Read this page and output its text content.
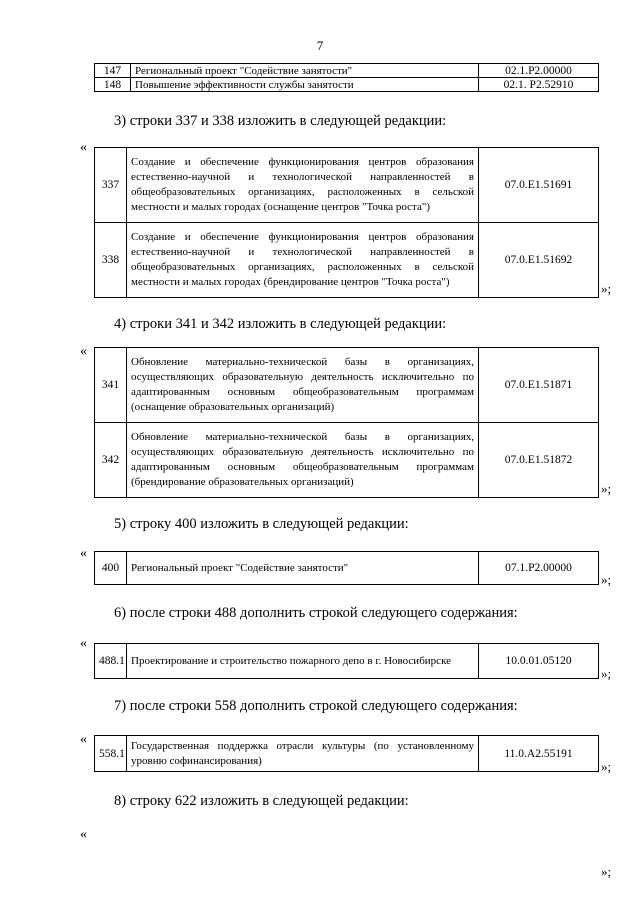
7
147	Региональный проект "Содействие занятости"	02.1.P2.00000
148	Повышение эффективности службы занятости	02.1. P2.52910
3) строки 337 и 338 изложить в следующей редакции:
«
337	Создание и обеспечение функционирования центров образования естественно-научной и технологической направленностей в общеобразовательных организациях, расположенных в сельской местности и малых городах (оснащение центров "Точка роста")	07.0.E1.51691
338	Создание и обеспечение функционирования центров образования естественно-научной и технологической направленностей в общеобразовательных организациях, расположенных в сельской местности и малых городах (брендирование центров "Точка роста")	07.0.E1.51692
»;
4) строки 341 и 342 изложить в следующей редакции:
«
341	Обновление материально-технической базы в организациях, осуществляющих образовательную деятельность исключительно по адаптированным основным общеобразовательным программам (оснащение образовательных организаций)	07.0.E1.51871
342	Обновление материально-технической базы в организациях, осуществляющих образовательную деятельность исключительно по адаптированным основным общеобразовательным программам (брендирование образовательных организаций)	07.0.E1.51872
»;
5) строку 400 изложить в следующей редакции:
«
400	Региональный проект "Содействие занятости"	07.1.P2.00000
»;
6) после строки 488 дополнить строкой следующего содержания:
«
488.1	Проектирование и строительство пожарного депо в г. Новосибирске	10.0.01.05120
»;
7) после строки 558 дополнить строкой следующего содержания:
«
558.1	Государственная поддержка отрасли культуры (по установленному уровню софинансирования)	11.0.A2.55191
»;
8) строку 622 изложить в следующей редакции:
«
»;
